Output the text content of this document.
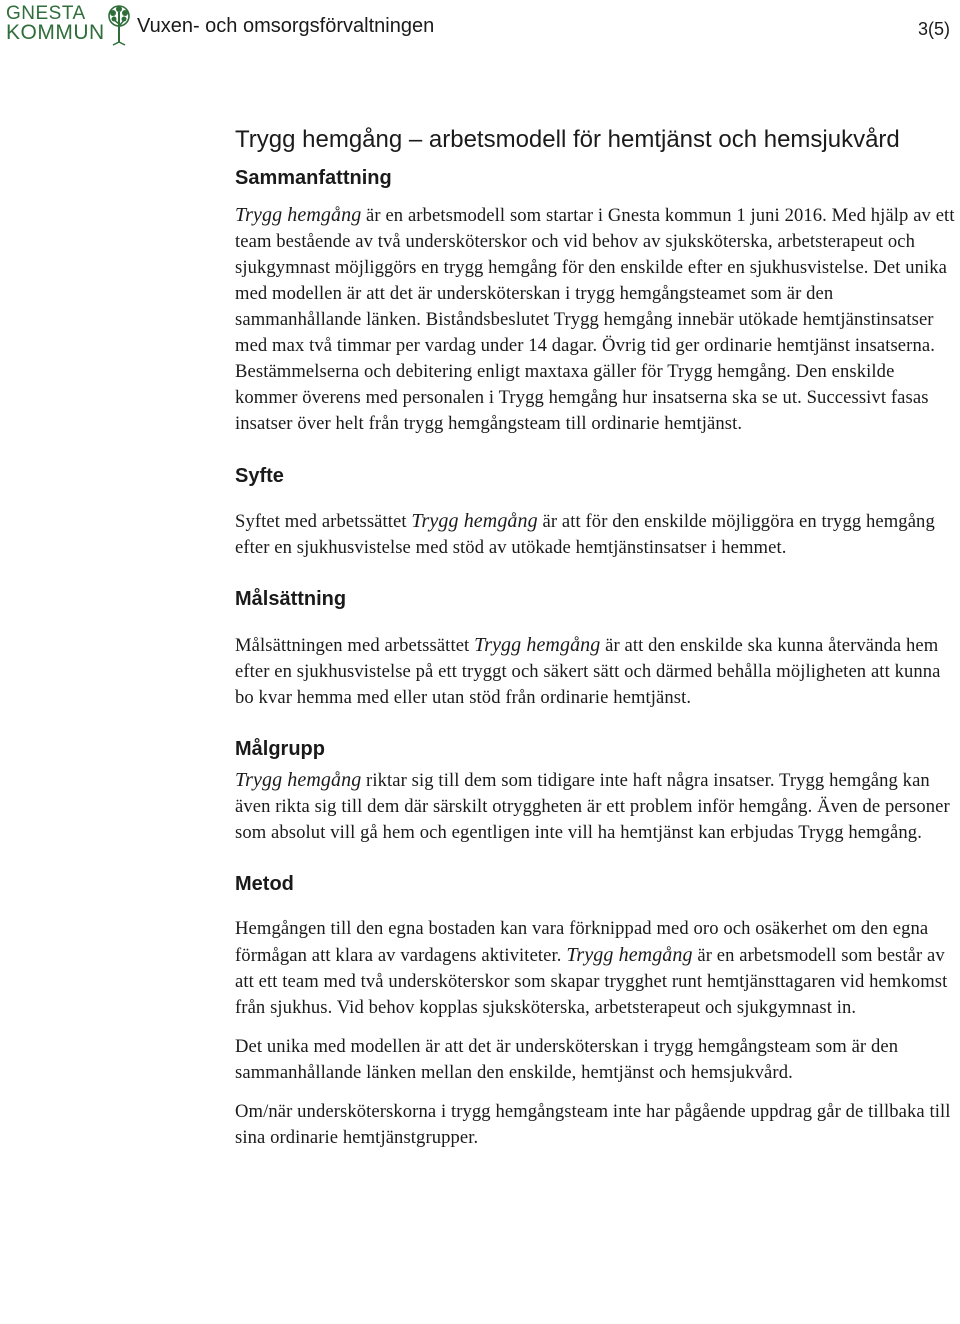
GNESTA
KOMMUN Vuxen- och omsorgsförvaltningen	3(5)
Trygg hemgång – arbetsmodell för hemtjänst och hemsjukvård
Sammanfattning

Trygg hemgång är en arbetsmodell som startar i Gnesta kommun 1 juni 2016. Med hjälp av ett team bestående av två undersköterskor och vid behov av sjuksköterska, arbetsterapeut och sjukgymnast möjliggörs en trygg hemgång för den enskilde efter en sjukhusvistelse. Det unika med modellen är att det är undersköterskan i trygg hemgångsteamet som är den sammanhållande länken. Biståndsbeslutet Trygg hemgång innebär utökade hemtjänstinsatser med max två timmar per vardag under 14 dagar. Övrig tid ger ordinarie hemtjänst insatserna. Bestämmelserna och debitering enligt maxtaxa gäller för Trygg hemgång. Den enskilde kommer överens med personalen i Trygg hemgång hur insatserna ska se ut. Successivt fasas insatser över helt från trygg hemgångsteam till ordinarie hemtjänst.

Syfte

Syftet med arbetssättet Trygg hemgång är att för den enskilde möjliggöra en trygg hemgång efter en sjukhusvistelse med stöd av utökade hemtjänstinsatser i hemmet.

Målsättning

Målsättningen med arbetssättet Trygg hemgång är att den enskilde ska kunna återvända hem efter en sjukhusvistelse på ett tryggt och säkert sätt och därmed behålla möjligheten att kunna bo kvar hemma med eller utan stöd från ordinarie hemtjänst.

Målgrupp

Trygg hemgång riktar sig till dem som tidigare inte haft några insatser. Trygg hemgång kan även rikta sig till dem där särskilt otryggheten är ett problem inför hemgång. Även de personer som absolut vill gå hem och egentligen inte vill ha hemtjänst kan erbjudas Trygg hemgång.

Metod

Hemgången till den egna bostaden kan vara förknippad med oro och osäkerhet om den egna förmågan att klara av vardagens aktiviteter. Trygg hemgång är en arbetsmodell som består av att ett team med två undersköterskor som skapar trygghet runt hemtjänsttagaren vid hemkomst från sjukhus. Vid behov kopplas sjuksköterska, arbetsterapeut och sjukgymnast in.

Det unika med modellen är att det är undersköterskan i trygg hemgångsteam som är den sammanhållande länken mellan den enskilde, hemtjänst och hemsjukvård.

Om/när undersköterskorna i trygg hemgångsteam inte har pågående uppdrag går de tillbaka till sina ordinarie hemtjänstgrupper.
